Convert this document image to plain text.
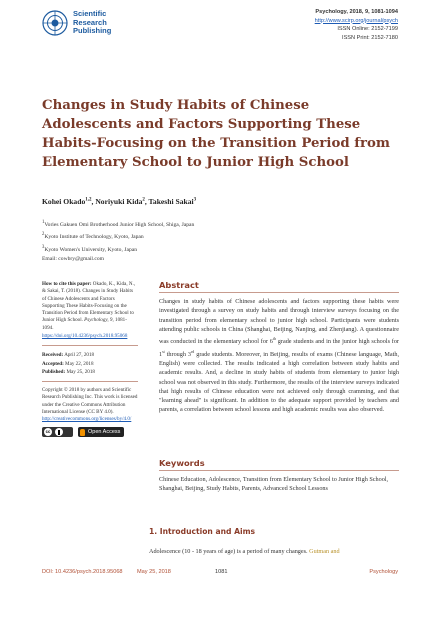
Scientific
Research
Publishing
Psychology, 2018, 9, 1081-1094
http://www.scirp.org/journal/psych
ISSN Online: 2152-7199
ISSN Print: 2152-7180
Changes in Study Habits of Chinese Adolescents and Factors Supporting These Habits-Focusing on the Transition Period from Elementary School to Junior High School
Kohei Okado$^{1,2}$, Noriyuki Kida$^2$, Takeshi Sakai$^3$
$^1$Vories Gakuen Omi Brotherhood Junior High School, Shiga, Japan
$^2$Kyoto Institute of Technology, Kyoto, Japan
$^3$Kyoto Women's University, Kyoto, Japan
Email: cowbry@gmail.com
How to cite this paper: Okado, K., Kida, N., & Sakai, T. (2018). Changes in Study Habits of Chinese Adolescents and Factors Supporting These Habits-Focusing on the Transition Period from Elementary School to Junior High School. Psychology, 9, 1081-1094.
https://doi.org/10.4236/psych.2018.95068
Received: April 27, 2018
Accepted: May 22, 2018
Published: May 25, 2018
Copyright © 2018 by authors and Scientific Research Publishing Inc. This work is licensed under the Creative Commons Attribution International License (CC BY 4.0). http://creativecommons.org/licenses/by/4.0/
cc	Open Access
Abstract
Changes in study habits of Chinese adolescents and factors supporting these habits were investigated through a survey on study habits and through interview surveys focusing on the transition period from elementary school to junior high school. Participants were students attending public schools in China (Shanghai, Beijing, Nanjing, and Zhenjiang). A questionnaire was conducted in the elementary school for 6th grade students and in the junior high schools for 1st through 3rd grade students. Moreover, in Beijing, results of exams (Chinese language, Math, English) were collected. The results indicated a high correlation between study habits and academic results. And, a decline in study habits of students from elementary to junior high school was not observed in this study. Furthermore, the results of the interview surveys indicated that high results of Chinese education were not achieved only through cramming, and that "learning ahead" is significant. In addition to the adequate support provided by teachers and parents, a correlation between school lessons and high academic results was also observed.
Keywords
Chinese Education, Adolescence, Transition from Elementary School to Junior High School, Shanghai, Beijing, Study Habits, Parents, Advanced School Lessons
1. Introduction and Aims
Adolescence (10 - 18 years of age) is a period of many changes. Gutman and
DOI: 10.4236/psych.2018.95068	May 25, 2018	1081	Psychology
